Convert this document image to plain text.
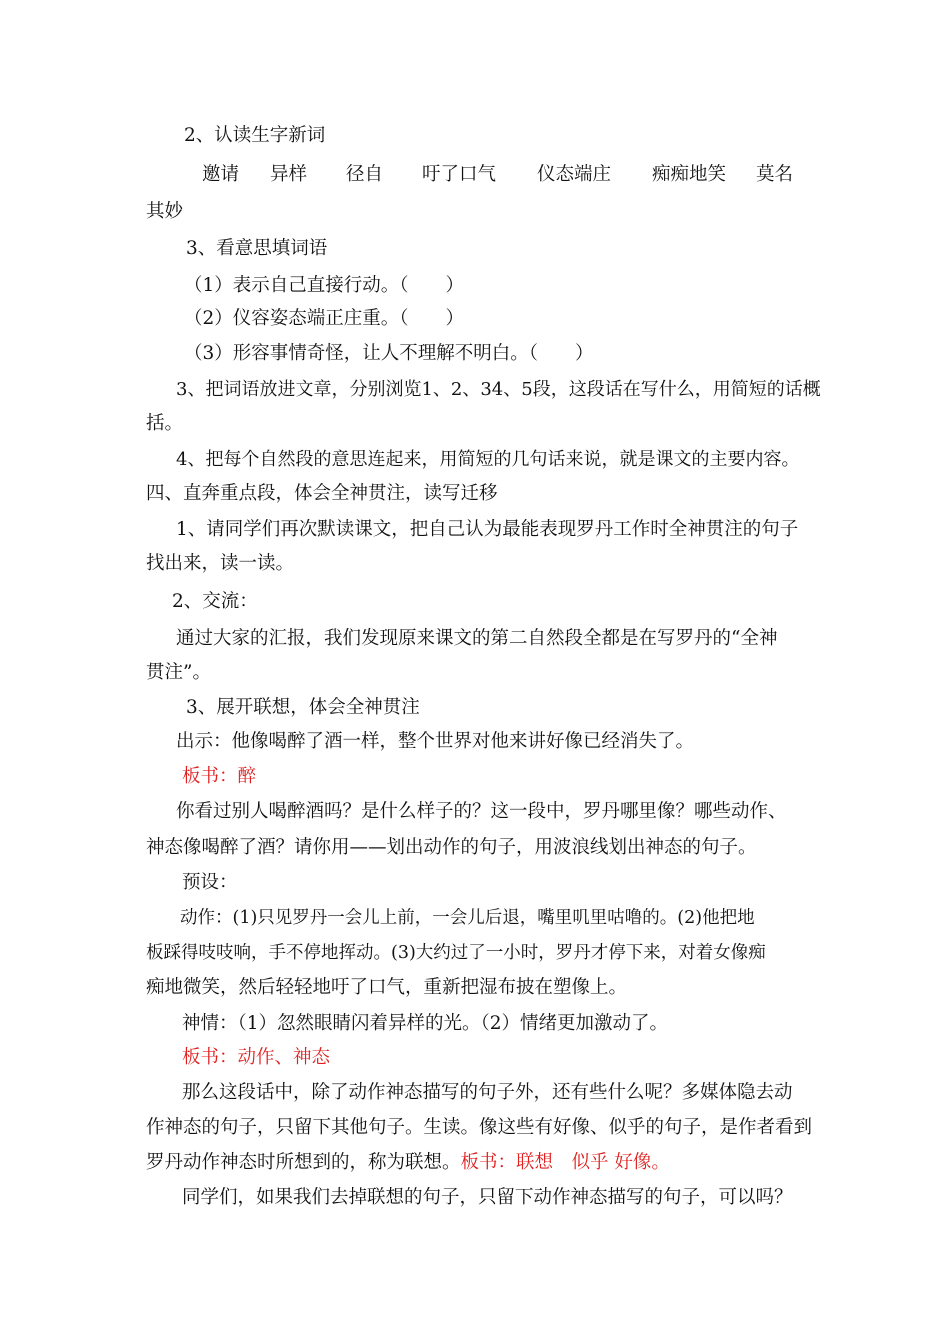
2、认读生字新词
邀请 异样 径自 吁了口气 仪态端庄 痴痴地笑 莫名
其妙
3、看意思填词语
（1）表示自己直接行动。（　　）
（2）仪容姿态端正庄重。（　　）
（3）形容事情奇怪，让人不理解不明白。（　　）
3、把词语放进文章，分别浏览1、2、34、5段，这段话在写什么，用简短的话概
括。
4、把每个自然段的意思连起来，用简短的几句话来说，就是课文的主要内容。
四、直奔重点段，体会全神贯注，读写迁移
1、请同学们再次默读课文，把自己认为最能表现罗丹工作时全神贯注的句子
找出来，读一读。
2、交流：
通过大家的汇报，我们发现原来课文的第二自然段全都是在写罗丹的“全神
贯注”。
3、展开联想，体会全神贯注
出示：他像喝醉了酒一样，整个世界对他来讲好像已经消失了。
板书：醉
你看过别人喝醉酒吗？是什么样子的？这一段中，罗丹哪里像？哪些动作、
神态像喝醉了酒？请你用——划出动作的句子，用波浪线划出神态的句子。
预设：
动作：(1)只见罗丹一会儿上前，一会儿后退，嘴里叽里咕噜的。(2)他把地
板踩得吱吱响，手不停地挥动。(3)大约过了一小时，罗丹才停下来，对着女像痴
痴地微笑，然后轻轻地吁了口气，重新把湿布披在塑像上。
神情：（1）忽然眼睛闪着异样的光。（2）情绪更加激动了。
板书：动作、神态
那么这段话中，除了动作神态描写的句子外，还有些什么呢？多媒体隐去动
作神态的句子，只留下其他句子。生读。像这些有好像、似乎的句子，是作者看到
罗丹动作神态时所想到的，称为联想。板书：联想　似乎 好像。
同学们，如果我们去掉联想的句子，只留下动作神态描写的句子，可以吗？
